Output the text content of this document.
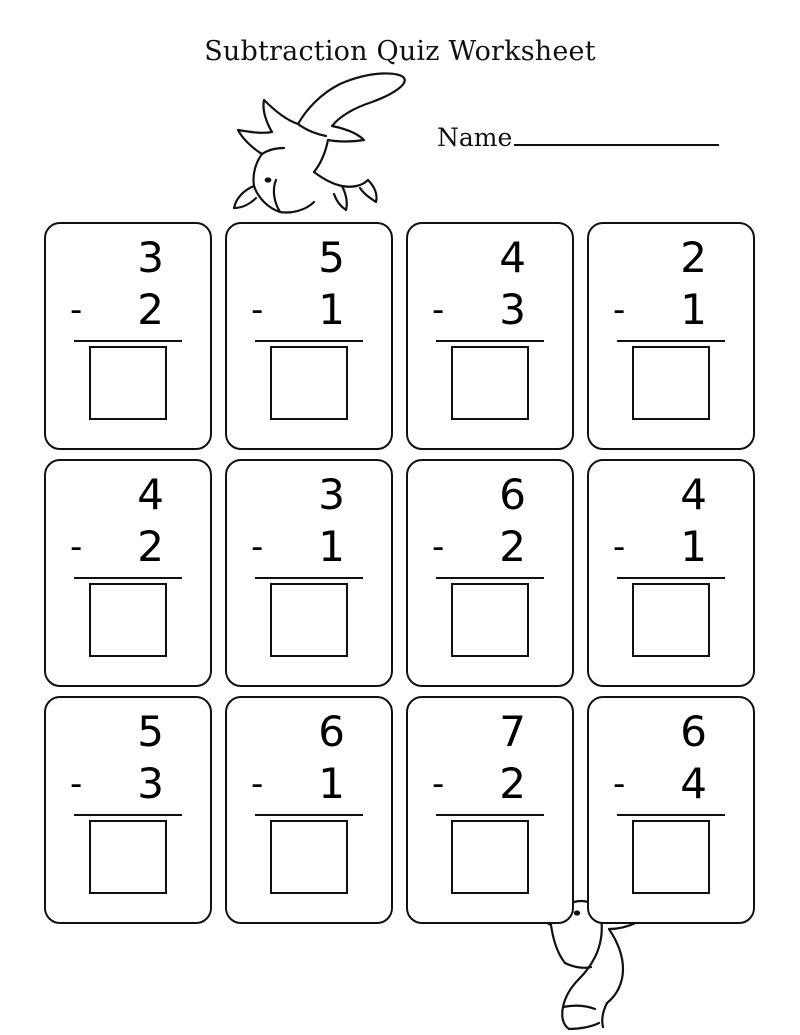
Subtraction Quiz Worksheet
Name
3
- 2
5
- 1
4
- 3
2
- 1
4
- 2
3
- 1
6
- 2
4
- 1
5
- 3
6
- 1
7
- 2
6
- 4
